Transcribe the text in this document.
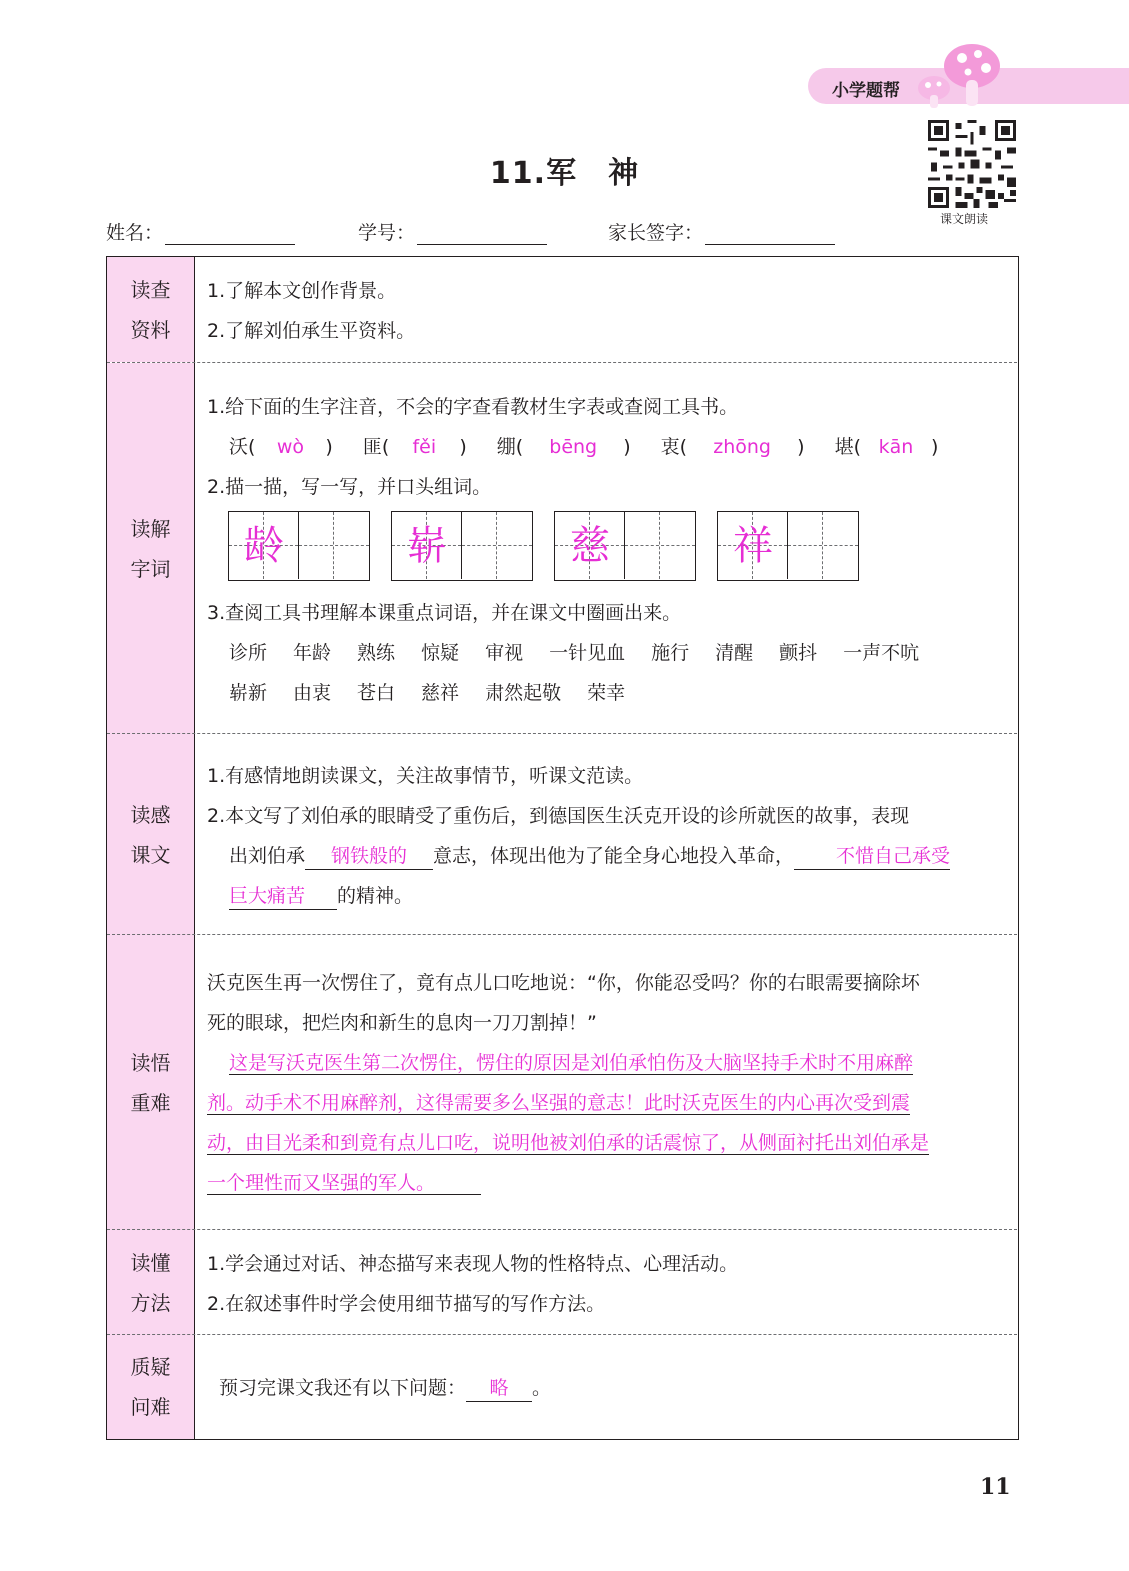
小学题帮
课文朗读
11.军　神
姓名：	学号：	家长签字：
读查
资料
1.了解本文创作背景。
2.了解刘伯承生平资料。
读解
字词
1.给下面的生字注音，不会的字查看教材生字表或查阅工具书。
沃( wò ) 匪( fěi ) 绷( bēng ) 衷( zhōng ) 堪( kān )
2.描一描，写一写，并口头组词。
龄	崭	慈	祥
3.查阅工具书理解本课重点词语，并在课文中圈画出来。
诊所 年龄 熟练 惊疑 审视 一针见血 施行 清醒 颤抖 一声不吭
崭新 由衷 苍白 慈祥 肃然起敬 荣幸
读感
课文
1.有感情地朗读课文，关注故事情节，听课文范读。
2.本文写了刘伯承的眼睛受了重伤后，到德国医生沃克开设的诊所就医的故事，表现
出刘伯承 钢铁般的 意志，体现出他为了能全身心地投入革命， 不惜自己承受
巨大痛苦 的精神。
读悟
重难
沃克医生再一次愣住了，竟有点儿口吃地说：“你，你能忍受吗？你的右眼需要摘除坏
死的眼球，把烂肉和新生的息肉一刀刀割掉！”
这是写沃克医生第二次愣住，愣住的原因是刘伯承怕伤及大脑坚持手术时不用麻醉
剂。动手术不用麻醉剂，这得需要多么坚强的意志！此时沃克医生的内心再次受到震
动，由目光柔和到竟有点儿口吃，说明他被刘伯承的话震惊了，从侧面衬托出刘伯承是
一个理性而又坚强的军人。
读懂
方法
1.学会通过对话、神态描写来表现人物的性格特点、心理活动。
2.在叙述事件时学会使用细节描写的写作方法。
质疑
问难
预习完课文我还有以下问题： 略 。
11
